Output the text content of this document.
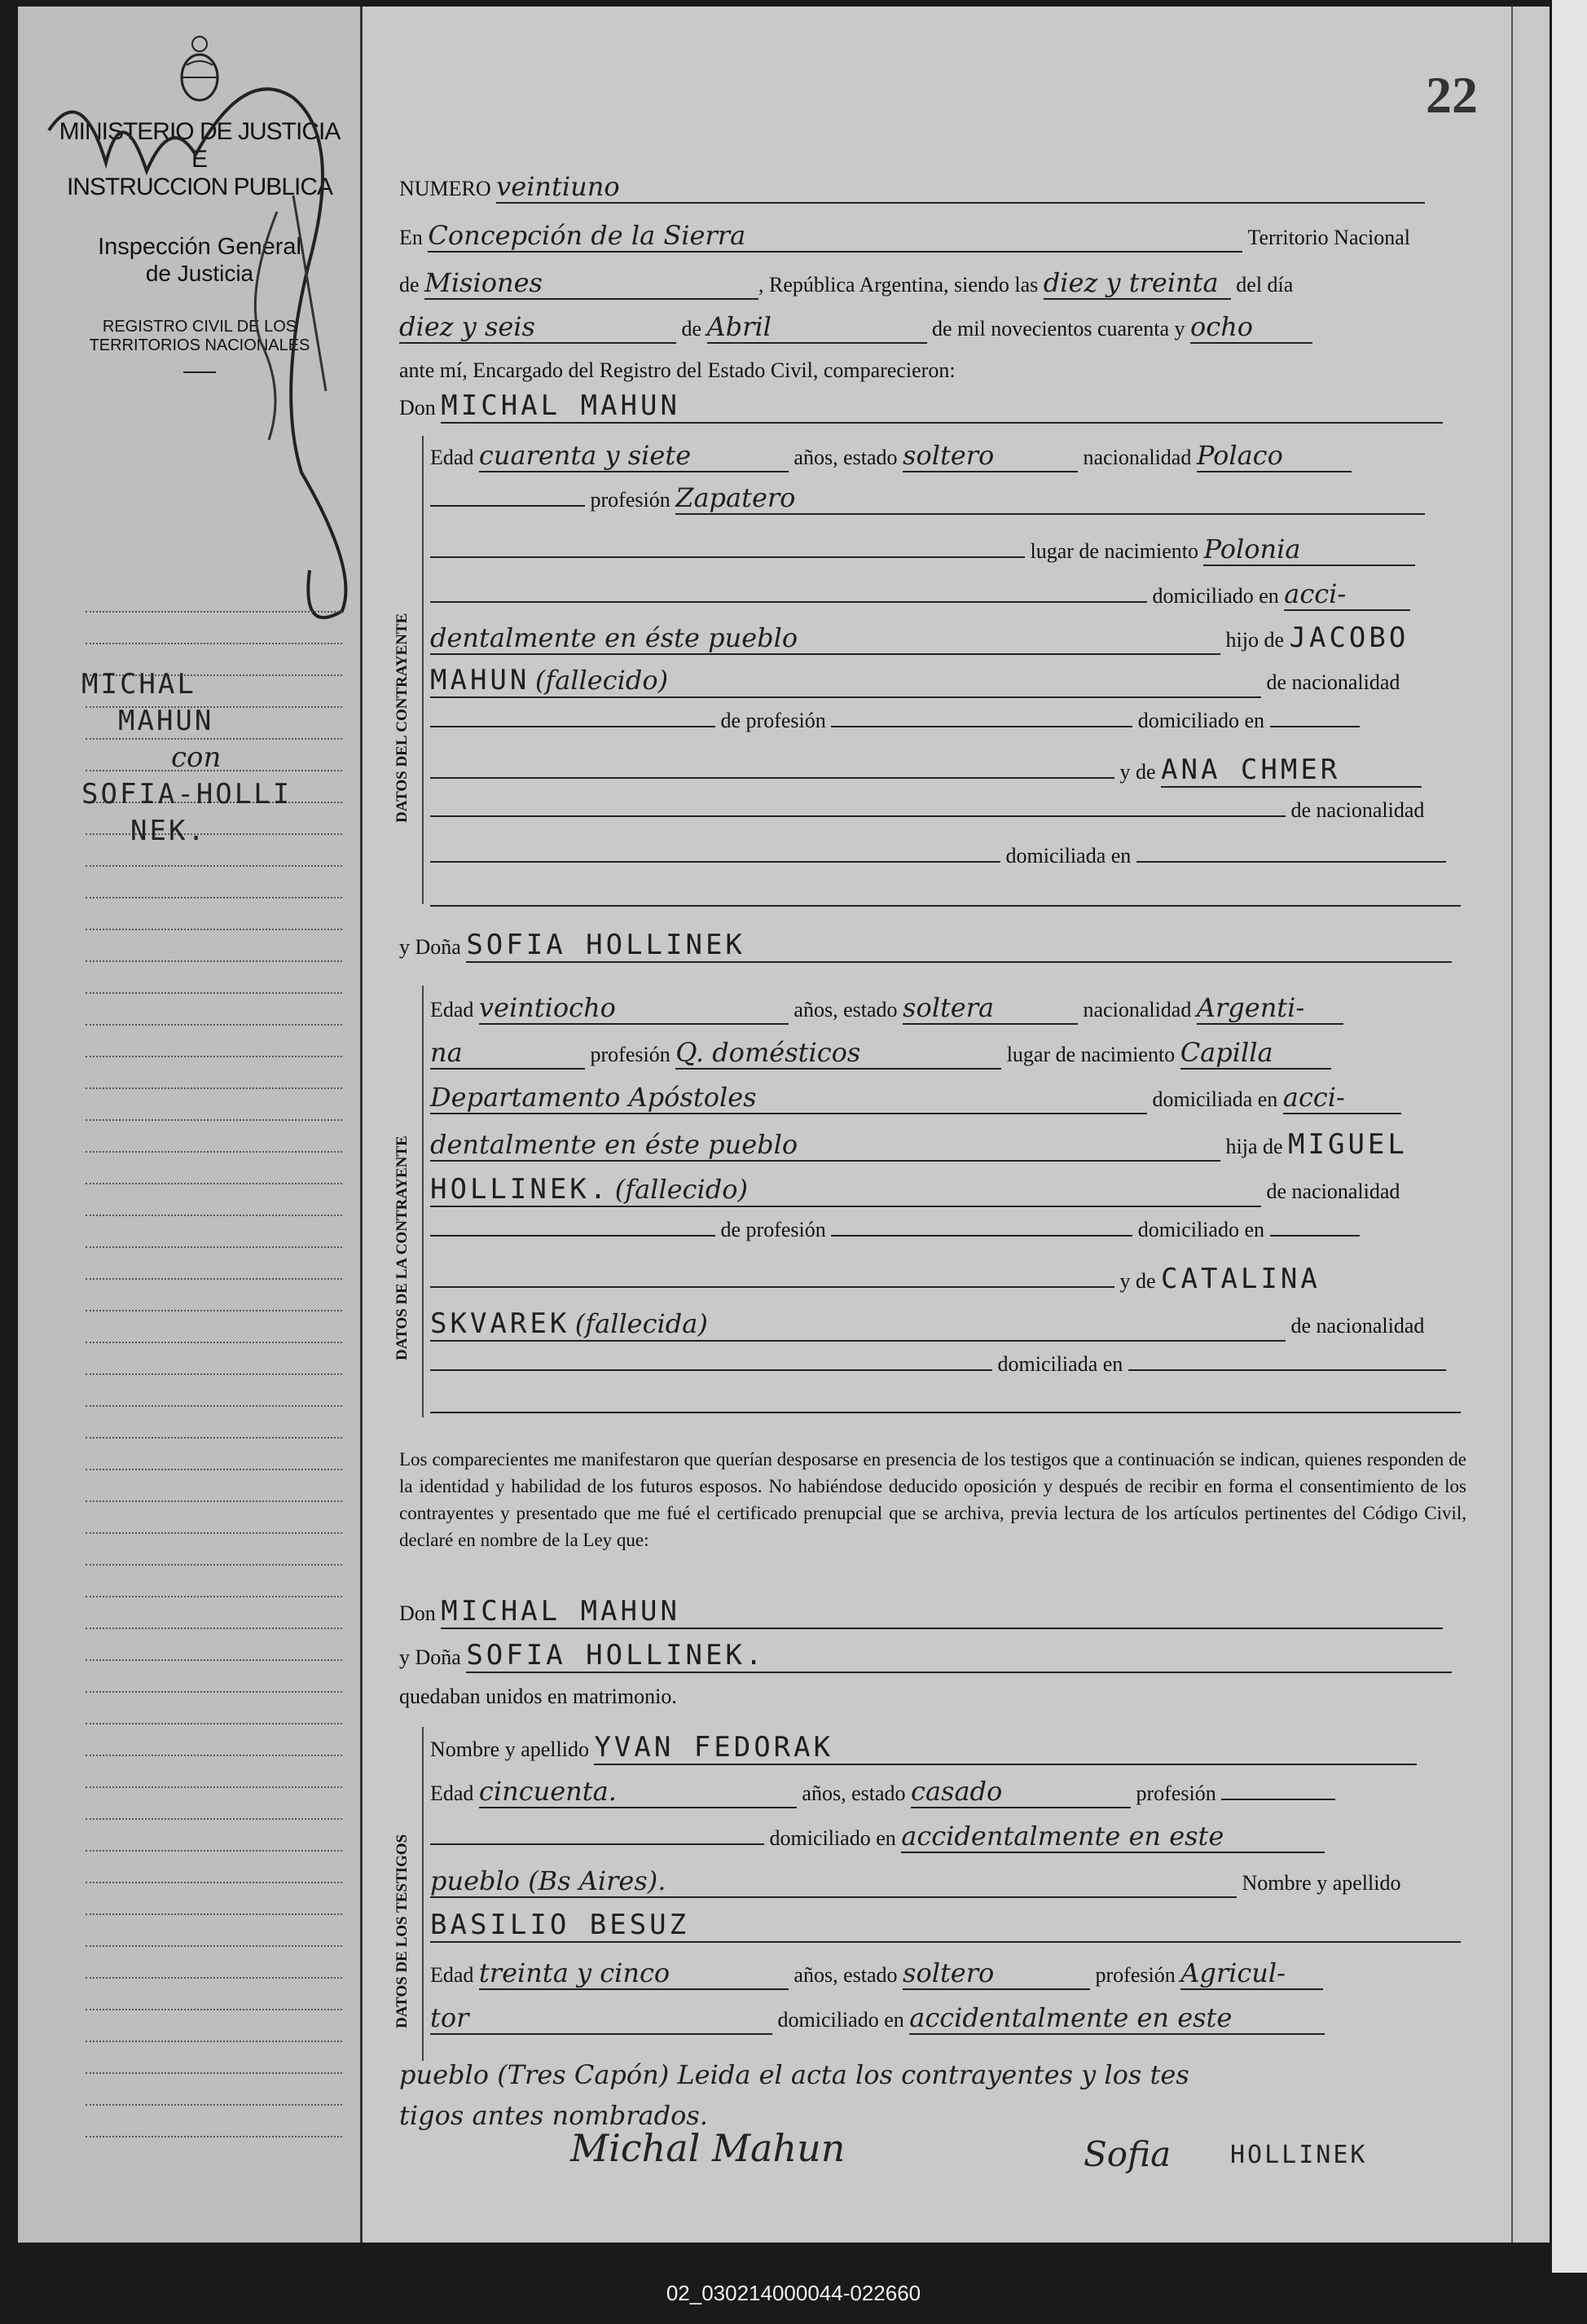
MINISTERIO DE JUSTICIA
E
INSTRUCCION PUBLICA
Inspección General
de Justicia
REGISTRO CIVIL DE LOS
TERRITORIOS NACIONALES
MICHAL
MAHUN
con
SOFIA-HOLLI
NEK.
22
NUMERO veintiuno
En Concepción de la Sierra	Territorio Nacional
de Misiones	, República Argentina, siendo las diez y treinta del día
diez y seis	de Abril	de mil novecientos cuarenta y ocho
ante mí, Encargado del Registro del Estado Civil, comparecieron:
Don MICHAL MAHUN
DATOS DEL CONTRAYENTE
Edad cuarenta y siete	años, estado soltero	nacionalidad Polaco
profesión Zapatero
lugar de nacimiento Polonia
domiciliado en acci-
dentalmente en éste pueblo	hijo de JACOBO
MAHUN (fallecido)	de nacionalidad
de profesión	domiciliado en
y de ANA CHMER
de nacionalidad
domiciliada en
y Doña SOFIA HOLLINEK
DATOS DE LA CONTRAYENTE
Edad veintiocho	años, estado soltera	nacionalidad Argenti-
na	profesión Q. domésticos	lugar de nacimiento Capilla
Departamento Apóstoles	domiciliada en acci-
dentalmente en éste pueblo	hija de MIGUEL
HOLLINEK. (fallecido)	de nacionalidad
de profesión	domiciliado en
y de CATALINA
SKVAREK (fallecida)	de nacionalidad
domiciliada en
Los comparecientes me manifestaron que querían desposarse en presencia de los testigos que a continuación se indican, quienes responden de la identidad y habilidad de los futuros esposos. No habiéndose deducido oposición y después de recibir en forma el consentimiento de los contrayentes y presentado que me fué el certificado prenupcial que se archiva, previa lectura de los artículos pertinentes del Código Civil, declaré en nombre de la Ley que:
Don MICHAL MAHUN
y Doña SOFIA HOLLINEK.
quedaban unidos en matrimonio.
DATOS DE LOS TESTIGOS
Nombre y apellido YVAN FEDORAK
Edad cincuenta.	años, estado casado	profesión
domiciliado en accidentalmente en este
pueblo (Bs Aires).	Nombre y apellido
BASILIO BESUZ
Edad treinta y cinco	años, estado soltero	profesión Agricul-
tor	domiciliado en accidentalmente en este
pueblo (Tres Capón) Leida el acta los contrayentes y los tes
tigos antes nombrados.
Michal Mahun	Sofia HOLLINEK
02_030214000044-022660
